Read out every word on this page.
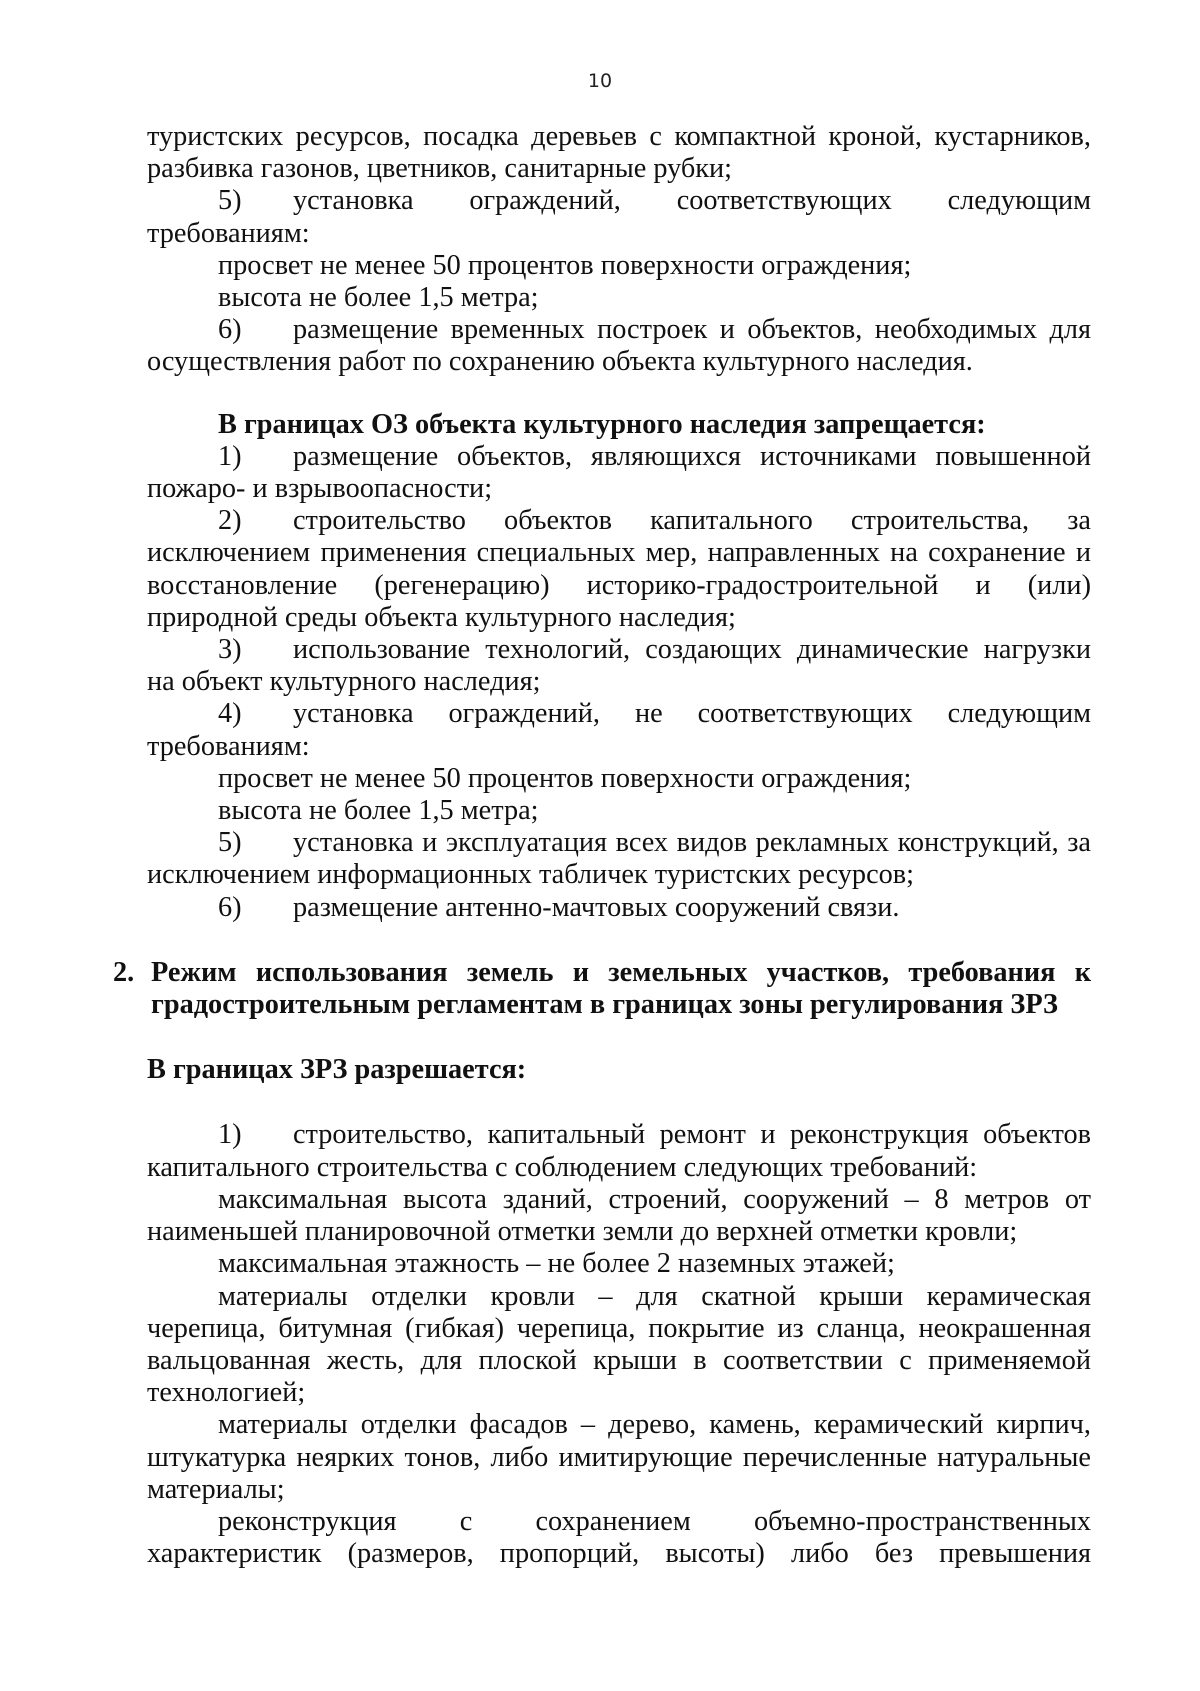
10

туристских ресурсов, посадка деревьев с компактной кроной, кустарников, разбивка газонов, цветников, санитарные рубки;

5) установка ограждений, соответствующих следующим

требованиям:

просвет не менее 50 процентов поверхности ограждения;

высота не более 1,5 метра;

6) размещение временных построек и объектов, необходимых для осуществления работ по сохранению объекта культурного наследия.

В границах ОЗ объекта культурного наследия запрещается:

1) размещение объектов, являющихся источниками повышенной пожаро- и взрывоопасности;

2) строительство объектов капитального строительства, за исключением применения специальных мер, направленных на сохранение и восстановление (регенерацию) историко-градостроительной и (или) природной среды объекта культурного наследия;

3) использование технологий, создающих динамические нагрузки на объект культурного наследия;

4) установка ограждений, не соответствующих следующим

требованиям:

просвет не менее 50 процентов поверхности ограждения;

высота не более 1,5 метра;

5) установка и эксплуатация всех видов рекламных конструкций, за исключением информационных табличек туристских ресурсов;

6) размещение антенно-мачтовых сооружений связи.

2. Режим использования земель и земельных участков, требования к градостроительным регламентам в границах зоны регулирования ЗРЗ

В границах ЗРЗ разрешается:

1) строительство, капитальный ремонт и реконструкция объектов капитального строительства с соблюдением следующих требований:

максимальная высота зданий, строений, сооружений – 8 метров от наименьшей планировочной отметки земли до верхней отметки кровли;

максимальная этажность – не более 2 наземных этажей;

материалы отделки кровли – для скатной крыши керамическая черепица, битумная (гибкая) черепица, покрытие из сланца, неокрашенная вальцованная жесть, для плоской крыши в соответствии с применяемой технологией;

материалы отделки фасадов – дерево, камень, керамический кирпич, штукатурка неярких тонов, либо имитирующие перечисленные натуральные материалы;

реконструкция с сохранением объемно-пространственных

характеристик (размеров, пропорций, высоты) либо без превышения
